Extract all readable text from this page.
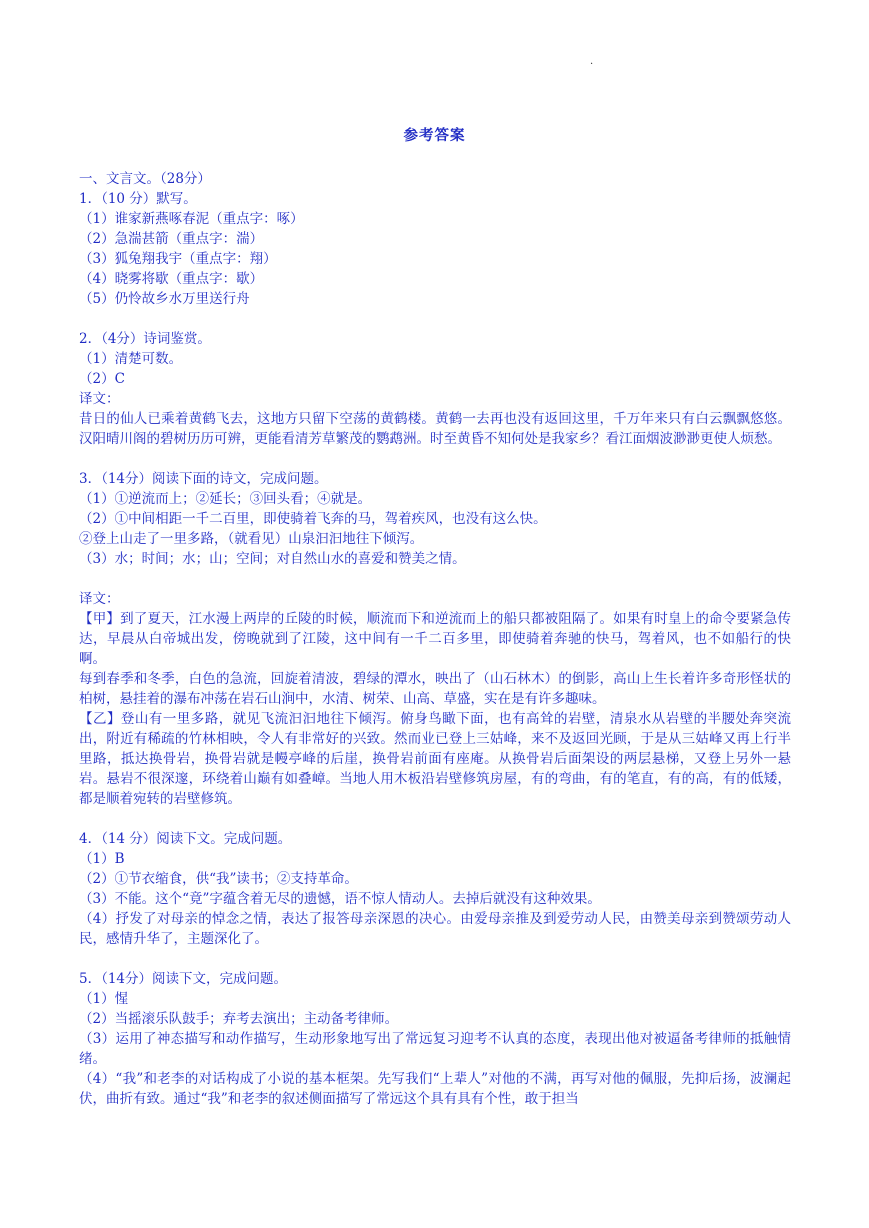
.
参考答案
一、文言文。（28分）
1．（10 分）默写。
（1）谁家新燕啄春泥（重点字：啄）
（2）急湍甚箭（重点字：湍）
（3）狐兔翔我宇（重点字：翔）
（4）晓雾将歇（重点字：歇）
（5）仍怜故乡水万里送行舟
2．（4分）诗词鉴赏。
（1）清楚可数。
（2）C
译文：
昔日的仙人已乘着黄鹤飞去，这地方只留下空荡的黄鹤楼。黄鹤一去再也没有返回这里，千万年来只有白云飘飘悠悠。汉阳晴川阁的碧树历历可辨，更能看清芳草繁茂的鹦鹉洲。时至黄昏不知何处是我家乡？看江面烟波渺渺更使人烦愁。
3．（14分）阅读下面的诗文，完成问题。
（1）①逆流而上；②延长；③回头看；④就是。
（2）①中间相距一千二百里，即使骑着飞奔的马，驾着疾风，也没有这么快。
②登上山走了一里多路，（就看见）山泉汩汩地往下倾泻。
（3）水；时间；水；山；空间；对自然山水的喜爱和赞美之情。
译文：
【甲】到了夏天，江水漫上两岸的丘陵的时候，顺流而下和逆流而上的船只都被阻隔了。如果有时皇上的命令要紧急传达，早晨从白帝城出发，傍晚就到了江陵，这中间有一千二百多里，即使骑着奔驰的快马，驾着风，也不如船行的快啊。
每到春季和冬季，白色的急流，回旋着清波，碧绿的潭水，映出了（山石林木）的倒影，高山上生长着许多奇形怪状的柏树，悬挂着的瀑布冲荡在岩石山涧中，水清、树荣、山高、草盛，实在是有许多趣味。
【乙】登山有一里多路，就见飞流汩汩地往下倾泻。俯身鸟瞰下面，也有高耸的岩壁，清泉水从岩壁的半腰处奔突流出，附近有稀疏的竹林相映，令人有非常好的兴致。然而业已登上三姑峰，来不及返回光顾，于是从三姑峰又再上行半里路，抵达换骨岩，换骨岩就是幔亭峰的后崖，换骨岩前面有座庵。从换骨岩后面架设的两层悬梯，又登上另外一悬岩。悬岩不很深邃，环绕着山巅有如叠嶂。当地人用木板沿岩壁修筑房屋，有的弯曲，有的笔直，有的高，有的低矮，都是顺着宛转的岩壁修筑。
4．（14 分）阅读下文。完成问题。
（1）B
（2）①节衣缩食，供“我”读书；②支持革命。
（3）不能。这个“竟”字蕴含着无尽的遗憾，语不惊人情动人。去掉后就没有这种效果。
（4）抒发了对母亲的悼念之情，表达了报答母亲深恩的决心。由爱母亲推及到爱劳动人民，由赞美母亲到赞颂劳动人民，感情升华了，主题深化了。
5．（14分）阅读下文，完成问题。
（1）惺
（2）当摇滚乐队鼓手；弃考去演出；主动备考律师。
（3）运用了神态描写和动作描写，生动形象地写出了常远复习迎考不认真的态度，表现出他对被逼备考律师的抵触情绪。
（4）“我”和老李的对话构成了小说的基本框架。先写我们“上辈人”对他的不满，再写对他的佩服，先抑后扬，波澜起伏，曲折有致。通过“我”和老李的叙述侧面描写了常远这个具有具有个性，敢于担当
